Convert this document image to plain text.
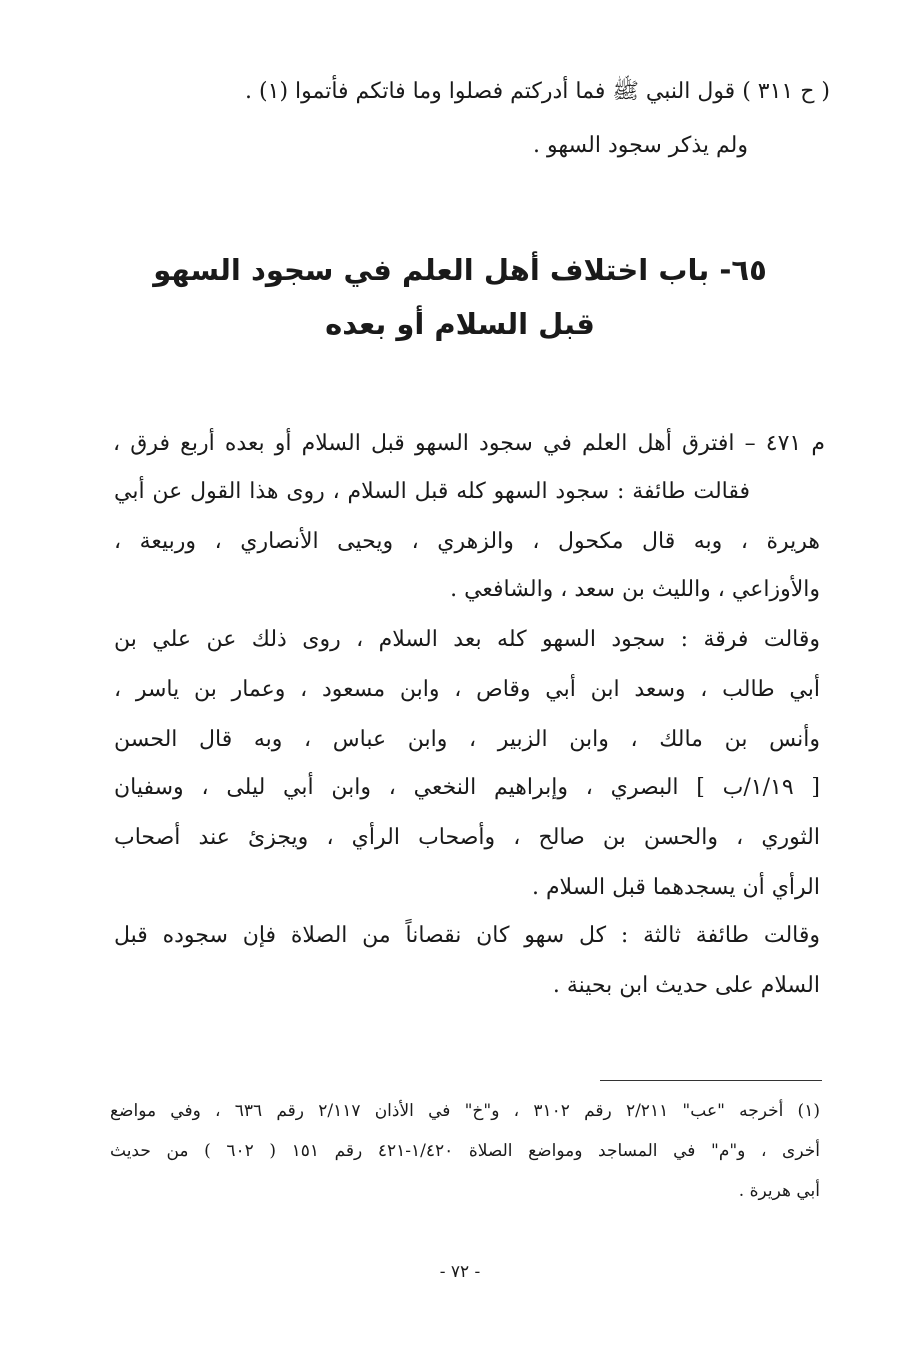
( ح ٣١١ ) قول النبي ﷺ فما أدركتم فصلوا وما فاتكم فأتموا (١) .

ولم يذكر سجود السهو .

٦٥- باب اختلاف أهل العلم في سجود السهو
قبل السلام أو بعده

م ٤٧١ – افترق أهل العلم في سجود السهو قبل السلام أو بعده أربع فرق ،

فقالت طائفة : سجود السهو كله قبل السلام ، روى هذا القول عن أبي

هريرة ، وبه قال مكحول ، والزهري ، ويحيى الأنصاري ، وربيعة ،

والأوزاعي ، والليث بن سعد ، والشافعي .

وقالت فرقة : سجود السهو كله بعد السلام ، روى ذلك عن علي بن

أبي طالب ، وسعد ابن أبي وقاص ، وابن مسعود ، وعمار بن ياسر ،

وأنس بن مالك ، وابن الزبير ، وابن عباس ، وبه قال الحسن

[ ١/١٩/ب ] البصري ، وإبراهيم النخعي ، وابن أبي ليلى ، وسفيان

الثوري ، والحسن بن صالح ، وأصحاب الرأي ، ويجزئ عند أصحاب

الرأي أن يسجدهما قبل السلام .

وقالت طائفة ثالثة : كل سهو كان نقصاناً من الصلاة فإن سجوده قبل

السلام على حديث ابن بحينة .

(١) أخرجه "عب" ٢/٢١١ رقم ٣١٠٢ ، و"خ" في الأذان ٢/١١٧ رقم ٦٣٦ ، وفي مواضع

أخرى ، و"م" في المساجد ومواضع الصلاة ١/٤٢٠-٤٢١ رقم ١٥١ ( ٦٠٢ ) من حديث

أبي هريرة .

- ٧٢ -
